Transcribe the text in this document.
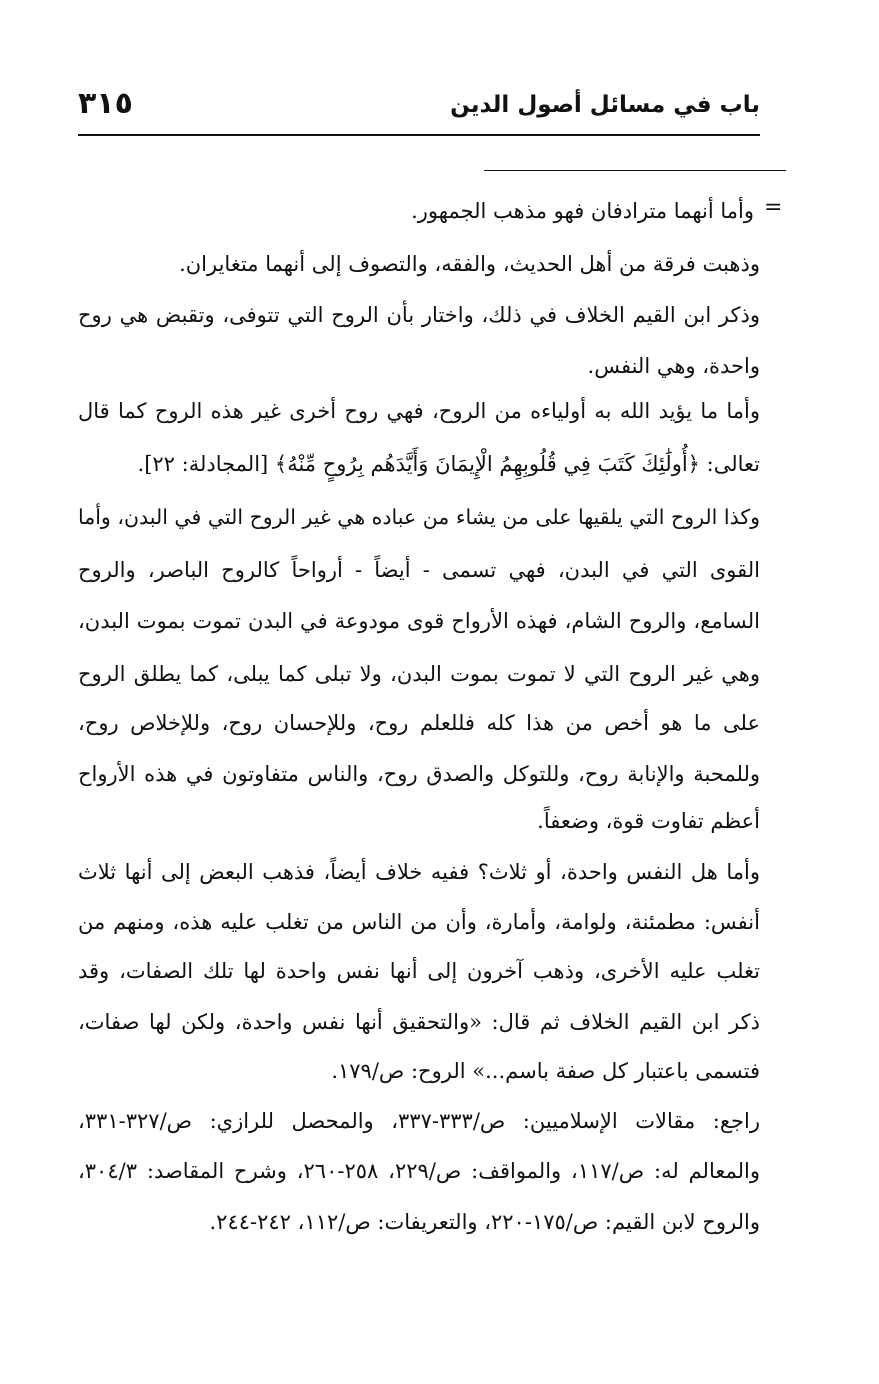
باب في مسائل أصول الدين
٣١٥
=
وأما أنهما مترادفان فهو مذهب الجمهور.
وذهبت فرقة من أهل الحديث، والفقه، والتصوف إلى أنهما متغايران.
وذكر ابن القيم الخلاف في ذلك، واختار بأن الروح التي تتوفى، وتقبض هي روح
واحدة، وهي النفس.
وأما ما يؤيد الله به أولياءه من الروح، فهي روح أخرى غير هذه الروح كما قال
تعالى: ﴿أُولَٰئِكَ كَتَبَ فِي قُلُوبِهِمُ الْإِيمَانَ وَأَيَّدَهُم بِرُوحٍ مِّنْهُ﴾ [المجادلة: ٢٢].
وكذا الروح التي يلقيها على من يشاء من عباده هي غير الروح التي في البدن، وأما
القوى التي في البدن، فهي تسمى - أيضاً - أرواحاً كالروح الباصر، والروح
السامع، والروح الشام، فهذه الأرواح قوى مودوعة في البدن تموت بموت البدن،
وهي غير الروح التي لا تموت بموت البدن، ولا تبلى كما يبلى، كما يطلق الروح
على ما هو أخص من هذا كله فللعلم روح، وللإحسان روح، وللإخلاص روح،
وللمحبة والإنابة روح، وللتوكل والصدق روح، والناس متفاوتون في هذه الأرواح
أعظم تفاوت قوة، وضعفاً.
وأما هل النفس واحدة، أو ثلاث؟ ففيه خلاف أيضاً، فذهب البعض إلى أنها ثلاث
أنفس: مطمئنة، ولوامة، وأمارة، وأن من الناس من تغلب عليه هذه، ومنهم من
تغلب عليه الأخرى، وذهب آخرون إلى أنها نفس واحدة لها تلك الصفات، وقد
ذكر ابن القيم الخلاف ثم قال: «والتحقيق أنها نفس واحدة، ولكن لها صفات،
فتسمى باعتبار كل صفة باسم...» الروح: ص/١٧٩.
راجع: مقالات الإسلاميين: ص/٣٣٣-٣٣٧، والمحصل للرازي: ص/٣٢٧-٣٣١،
والمعالم له: ص/١١٧، والمواقف: ص/٢٢٩، ٢٥٨-٢٦٠، وشرح المقاصد: ٣٠٤/٣،
والروح لابن القيم: ص/١٧٥-٢٢٠، والتعريفات: ص/١١٢، ٢٤٢-٢٤٤.
